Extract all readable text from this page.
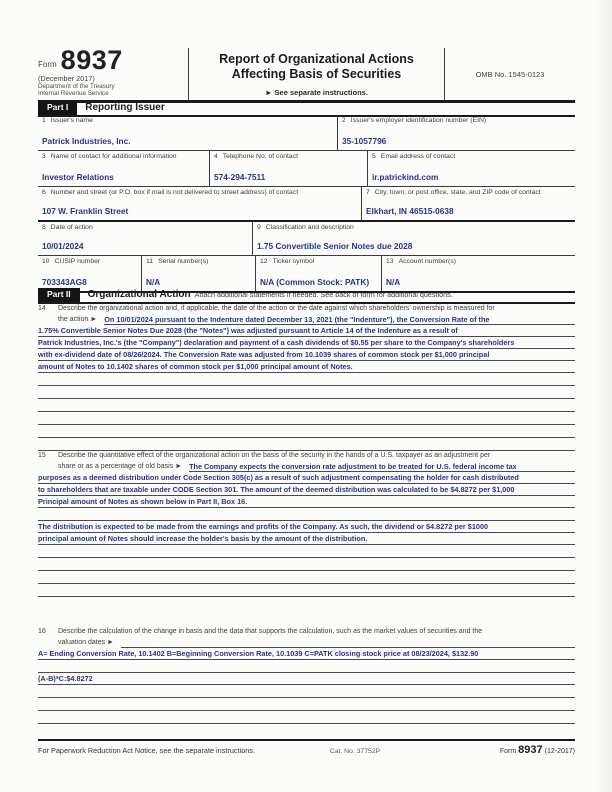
Form 8937
(December 2017)
Department of the Treasury
Internal Revenue Service
Report of Organizational Actions
Affecting Basis of Securities
► See separate instructions.
OMB No. 1545-0123
Part I	Reporting Issuer
1 Issuer's name
Patrick Industries, Inc.
2 Issuer's employer identification number (EIN)
35-1057796
3 Name of contact for additional information
Investor Relations
4 Telephone No. of contact
574-294-7511
5 Email address of contact
ir.patrickind.com
6 Number and street (or P.O. box if mail is not delivered to street address) of contact
107 W. Franklin Street
7 City, town, or post office, state, and ZIP code of contact
Elkhart, IN 46515-0638
8 Date of action
10/01/2024
9 Classification and description
1.75 Convertible Senior Notes due 2028
10 CUSIP number
703343AG8
11 Serial number(s)
N/A
12 Ticker symbol
N/A (Common Stock: PATK)
13 Account number(s)
N/A
Part II	Organizational Action Attach additional statements if needed. See back of form for additional questions.
14	Describe the organizational action and, if applicable, the date of the action or the date against which shareholders' ownership is measured for
the action ► On 10/01/2024 pursuant to the Indenture dated December 13, 2021 (the "Indenture"), the Conversion Rate of the
1.75% Convertible Senior Notes Due 2028 (the "Notes") was adjusted pursuant to Article 14 of the Indenture as a result of
Patrick Industries, Inc.'s (the "Company") declaration and payment of a cash dividends of $0.55 per share to the Company's shareholders
with ex-dividend date of 08/26/2024. The Conversion Rate was adjusted from 10.1039 shares of common stock per $1,000 principal
amount of Notes to 10.1402 shares of common stock per $1,000 principal amount of Notes.
15	Describe the quantitative effect of the organizational action on the basis of the security in the hands of a U.S. taxpayer as an adjustment per
share or as a percentage of old basis ► The Company expects the conversion rate adjustment to be treated for U.S. federal income tax
purposes as a deemed distribution under Code Section 305(c) as a result of such adjustment compensating the holder for cash distributed
to shareholders that are taxable under CODE Section 301. The amount of the deemed distribution was calculated to be $4.8272 per $1,000
Principal amount of Notes as shown below in Part II, Box 16.
The distribution is expected to be made from the earnings and profits of the Company. As such, the dividend or $4.8272 per $1000
principal amount of Notes should increase the holder's basis by the amount of the distribution.
16	Describe the calculation of the change in basis and the data that supports the calculation, such as the market values of securities and the
valuation dates ►
A= Ending Conversion Rate, 10.1402 B=Beginning Conversion Rate, 10.1039 C=PATK closing stock price at 08/23/2024, $132.90
(A-B)*C:$4.8272
For Paperwork Reduction Act Notice, see the separate instructions.	Cat. No. 37752P	Form 8937 (12-2017)
